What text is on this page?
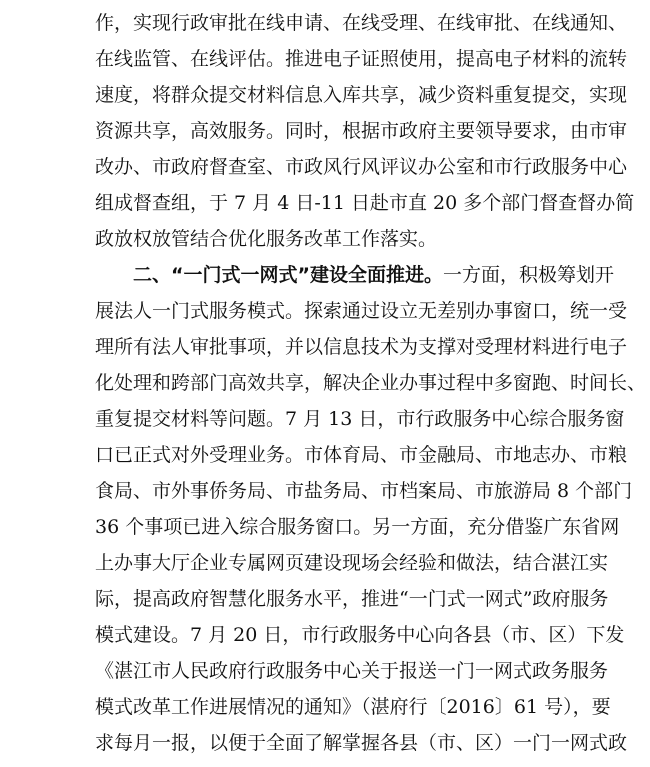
作，实现行政审批在线申请、在线受理、在线审批、在线通知、
在线监管、在线评估。推进电子证照使用，提高电子材料的流转
速度，将群众提交材料信息入库共享，减少资料重复提交，实现
资源共享，高效服务。同时，根据市政府主要领导要求，由市审
改办、市政府督查室、市政风行风评议办公室和市行政服务中心
组成督查组，于 7 月 4 日-11 日赴市直 20 多个部门督查督办简
政放权放管结合优化服务改革工作落实。
二、“一门式一网式”建设全面推进。一方面，积极筹划开
展法人一门式服务模式。探索通过设立无差别办事窗口，统一受
理所有法人审批事项，并以信息技术为支撑对受理材料进行电子
化处理和跨部门高效共享，解决企业办事过程中多窗跑、时间长、
重复提交材料等问题。7 月 13 日，市行政服务中心综合服务窗
口已正式对外受理业务。市体育局、市金融局、市地志办、市粮
食局、市外事侨务局、市盐务局、市档案局、市旅游局 8 个部门
36 个事项已进入综合服务窗口。另一方面，充分借鉴广东省网
上办事大厅企业专属网页建设现场会经验和做法，结合湛江实
际，提高政府智慧化服务水平，推进“一门式一网式”政府服务
模式建设。7 月 20 日，市行政服务中心向各县（市、区）下发
《湛江市人民政府行政服务中心关于报送一门一网式政务服务
模式改革工作进展情况的通知》（湛府行〔2016〕61 号），要
求每月一报，以便于全面了解掌握各县（市、区）一门一网式政
